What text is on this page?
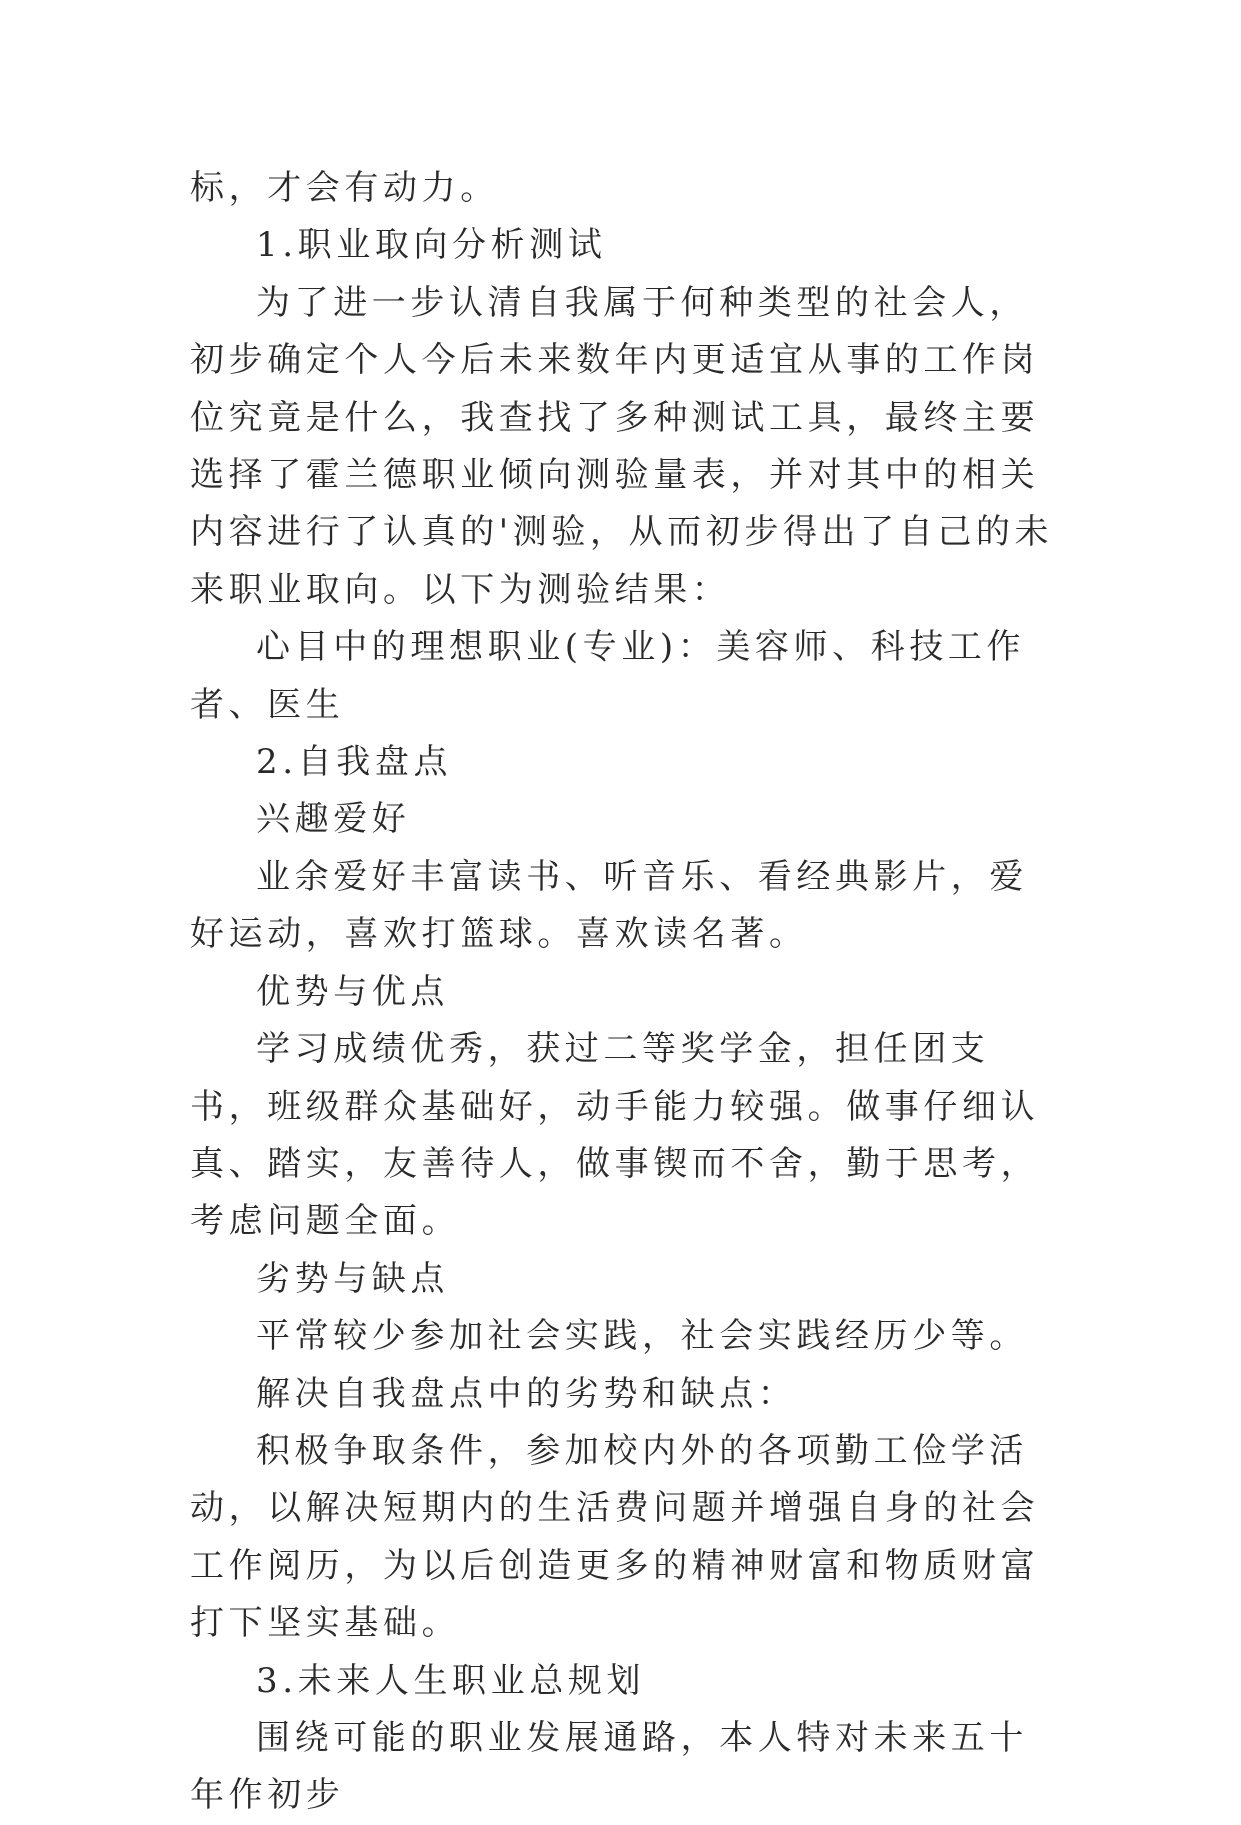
标，才会有动力。

1.职业取向分析测试

为了进一步认清自我属于何种类型的社会人，初步确定个人今后未来数年内更适宜从事的工作岗位究竟是什么，我查找了多种测试工具，最终主要选择了霍兰德职业倾向测验量表，并对其中的相关内容进行了认真的'测验，从而初步得出了自己的未来职业取向。以下为测验结果：

心目中的理想职业(专业)：美容师、科技工作者、医生

2.自我盘点

兴趣爱好

业余爱好丰富读书、听音乐、看经典影片，爱好运动，喜欢打篮球。喜欢读名著。

优势与优点

学习成绩优秀，获过二等奖学金，担任团支书，班级群众基础好，动手能力较强。做事仔细认真、踏实，友善待人，做事锲而不舍，勤于思考，考虑问题全面。

劣势与缺点

平常较少参加社会实践，社会实践经历少等。

解决自我盘点中的劣势和缺点：

积极争取条件，参加校内外的各项勤工俭学活动，以解决短期内的生活费问题并增强自身的社会工作阅历，为以后创造更多的精神财富和物质财富打下坚实基础。

3.未来人生职业总规划

围绕可能的职业发展通路，本人特对未来五十年作初步
